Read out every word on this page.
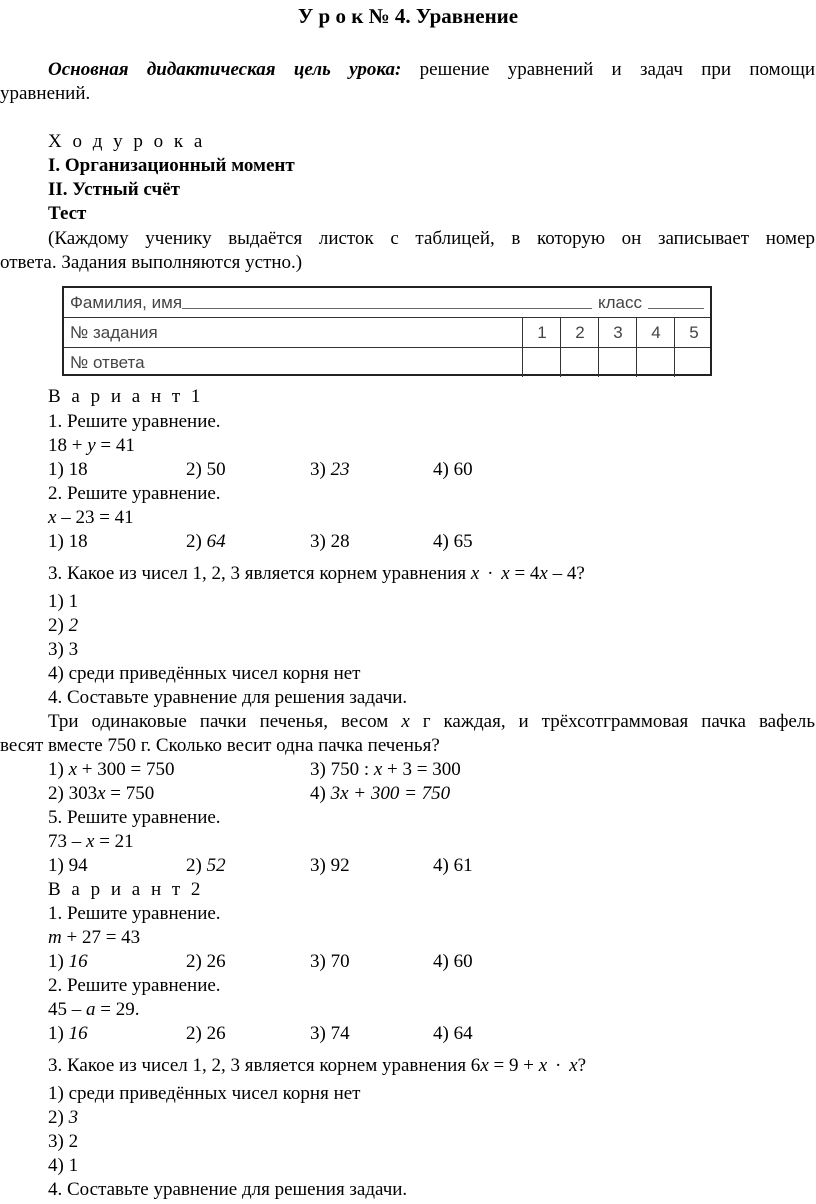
У р о к № 4. Уравнение
Основная дидактическая цель урока: решение уравнений и задач при помощи
уравнений.
Х о д у р о к а
I. Организационный момент
II. Устный счёт
Тест
(Каждому ученику выдаётся листок с таблицей, в которую он записывает номер
ответа. Задания выполняются устно.)
Фамилия, имя	класс
№ задания	1	2	3	4	5
№ ответа
В а р и а н т 1
1. Решите уравнение.
18 + y = 41
1) 18	2) 50	3) 23	4) 60
2. Решите уравнение.
x – 23 = 41
1) 18	2) 64	3) 28	4) 65
3. Какое из чисел 1, 2, 3 является корнем уравнения x · x = 4x – 4?
1) 1
2) 2
3) 3
4) среди приведённых чисел корня нет
4. Составьте уравнение для решения задачи.
Три одинаковые пачки печенья, весом x г каждая, и трёхсотграммовая пачка вафель
весят вместе 750 г. Сколько весит одна пачка печенья?
1) x + 300 = 750	3) 750 : x + 3 = 300
2) 303x = 750	4) 3x + 300 = 750
5. Решите уравнение.
73 – x = 21
1) 94	2) 52	3) 92	4) 61
В а р и а н т 2
1. Решите уравнение.
m + 27 = 43
1) 16	2) 26	3) 70	4) 60
2. Решите уравнение.
45 – a = 29.
1) 16	2) 26	3) 74	4) 64
3. Какое из чисел 1, 2, 3 является корнем уравнения 6x = 9 + x · x?
1) среди приведённых чисел корня нет
2) 3
3) 2
4) 1
4. Составьте уравнение для решения задачи.
